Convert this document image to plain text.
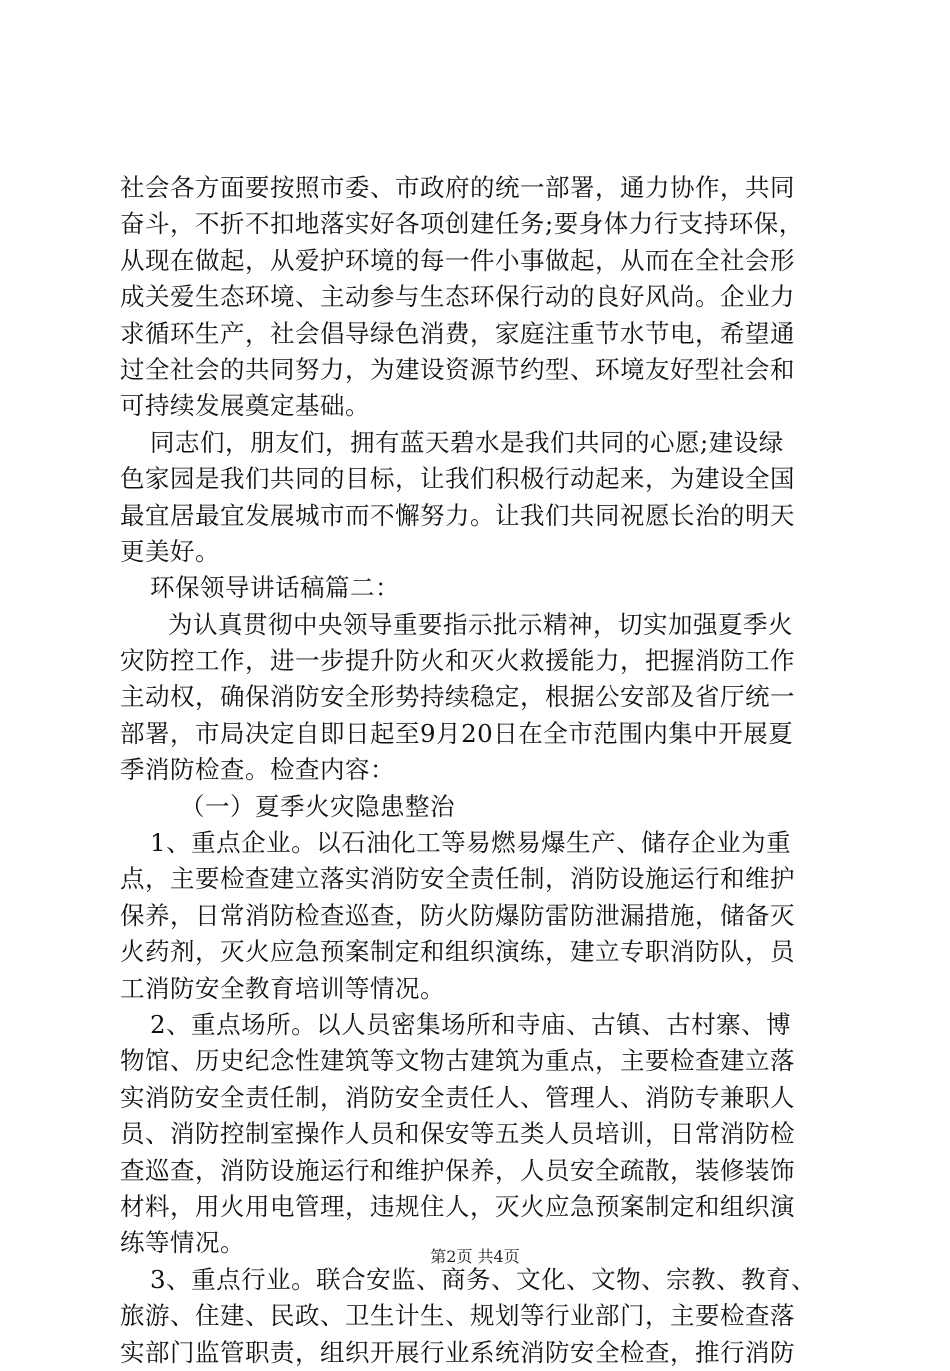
社会各方面要按照市委、市政府的统一部署，通力协作，共同
奋斗，不折不扣地落实好各项创建任务;要身体力行支持环保，
从现在做起，从爱护环境的每一件小事做起，从而在全社会形
成关爱生态环境、主动参与生态环保行动的良好风尚。企业力
求循环生产，社会倡导绿色消费，家庭注重节水节电，希望通
过全社会的共同努力，为建设资源节约型、环境友好型社会和
可持续发展奠定基础。
同志们，朋友们，拥有蓝天碧水是我们共同的心愿;建设绿
色家园是我们共同的目标，让我们积极行动起来，为建设全国
最宜居最宜发展城市而不懈努力。让我们共同祝愿长治的明天
更美好。
环保领导讲话稿篇二：
为认真贯彻中央领导重要指示批示精神，切实加强夏季火
灾防控工作，进一步提升防火和灭火救援能力，把握消防工作
主动权，确保消防安全形势持续稳定，根据公安部及省厅统一
部署，市局决定自即日起至9月20日在全市范围内集中开展夏
季消防检查。检查内容：
（一）夏季火灾隐患整治
1、重点企业。以石油化工等易燃易爆生产、储存企业为重
点，主要检查建立落实消防安全责任制，消防设施运行和维护
保养，日常消防检查巡查，防火防爆防雷防泄漏措施，储备灭
火药剂，灭火应急预案制定和组织演练，建立专职消防队，员
工消防安全教育培训等情况。
2、重点场所。以人员密集场所和寺庙、古镇、古村寨、博
物馆、历史纪念性建筑等文物古建筑为重点，主要检查建立落
实消防安全责任制，消防安全责任人、管理人、消防专兼职人
员、消防控制室操作人员和保安等五类人员培训，日常消防检
查巡查，消防设施运行和维护保养，人员安全疏散，装修装饰
材料，用火用电管理，违规住人，灭火应急预案制定和组织演
练等情况。
3、重点行业。联合安监、商务、文化、文物、宗教、教育、
旅游、住建、民政、卫生计生、规划等行业部门，主要检查落
实部门监管职责，组织开展行业系统消防安全检查，推行消防
第2页 共4页
